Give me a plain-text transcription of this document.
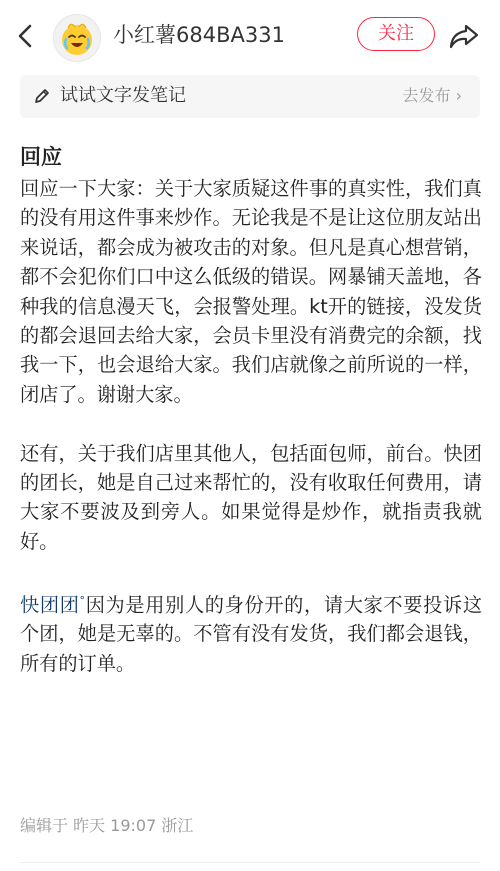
小红薯684BA331	关注
试试文字发笔记	去发布 ›
回应

回应一下大家：关于大家质疑这件事的真实性，我们真的没有用这件事来炒作。无论我是不是让这位朋友站出来说话，都会成为被攻击的对象。但凡是真心想营销，都不会犯你们口中这么低级的错误。网暴铺天盖地，各种我的信息漫天飞，会报警处理。kt开的链接，没发货的都会退回去给大家，会员卡里没有消费完的余额，找我一下，也会退给大家。我们店就像之前所说的一样，闭店了。谢谢大家。

还有，关于我们店里其他人，包括面包师，前台。快团的团长，她是自己过来帮忙的，没有收取任何费用，请大家不要波及到旁人。如果觉得是炒作，就指责我就好。

快团团°因为是用别人的身份开的，请大家不要投诉这个团，她是无辜的。不管有没有发货，我们都会退钱，所有的订单。

编辑于 昨天 19:07 浙江
